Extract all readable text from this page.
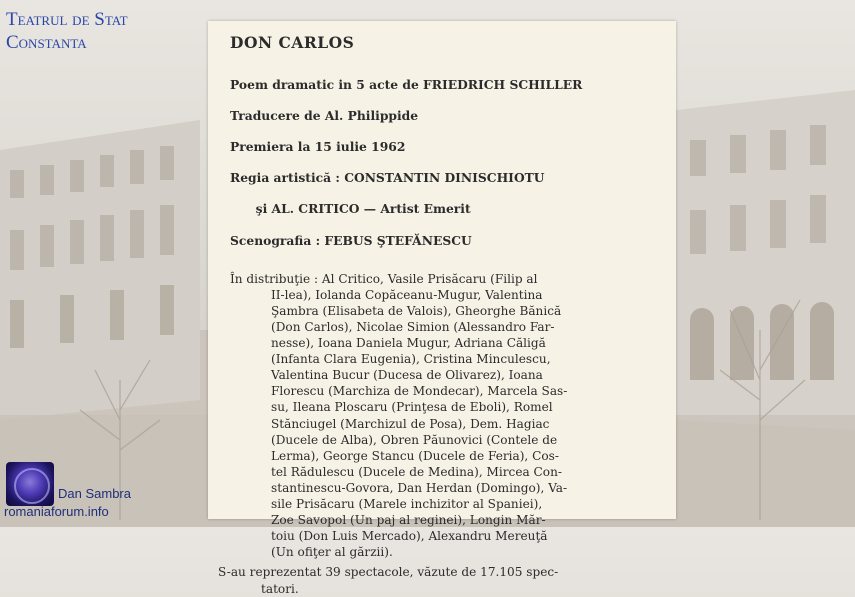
Teatrul de Stat
Constanta	DON CARLOS

Poem dramatic in 5 acte de FRIEDRICH SCHILLER

Traducere de Al. Philippide

Premiera la 15 iulie 1962

Regia artistică : CONSTANTIN DINISCHIOTU

şi AL. CRITICO — Artist Emerit

Scenografia : FEBUS ŞTEFĂNESCU

În distribuţie : Al Critico, Vasile Prisăcaru (Filip al
II-lea), Iolanda Copăceanu-Mugur, Valentina
Şambra (Elisabeta de Valois), Gheorghe Bănică
(Don Carlos), Nicolae Simion (Alessandro Far-
nesse), Ioana Daniela Mugur, Adriana Căligă
(Infanta Clara Eugenia), Cristina Minculescu,
Valentina Bucur (Ducesa de Olivarez), Ioana
Florescu (Marchiza de Mondecar), Marcela Sas-
su, Ileana Ploscaru (Prinţesa de Eboli), Romel
Stănciugel (Marchizul de Posa), Dem. Hagiac
(Ducele de Alba), Obren Păunovici (Contele de
Lerma), George Stancu (Ducele de Feria), Cos-
tel Rădulescu (Ducele de Medina), Mircea Con-
stantinescu-Govora, Dan Herdan (Domingo), Va-
sile Prisăcaru (Marele inchizitor al Spaniei),
Zoe Savopol (Un paj al reginei), Longin Măr-
toiu (Don Luis Mercado), Alexandru Mereuţă
(Un ofiţer al gărzii).
S-au reprezentat 39 spectacole, văzute de 17.105 spec-
tatori.
Dan Sambra
romaniaforum.info
